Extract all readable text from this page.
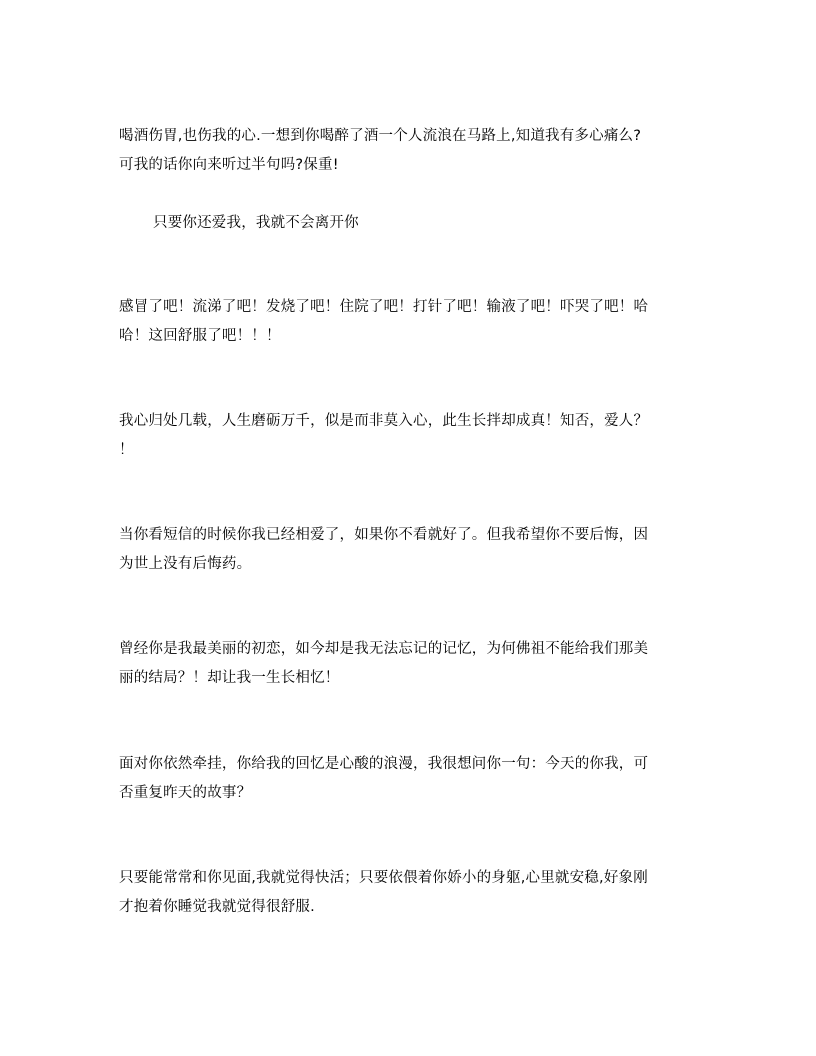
喝酒伤胃,也伤我的心.一想到你喝醉了酒一个人流浪在马路上,知道我有多心痛么?
可我的话你向来听过半句吗?保重!

只要你还爱我，我就不会离开你

感冒了吧！流涕了吧！发烧了吧！住院了吧！打针了吧！输液了吧！吓哭了吧！哈
哈！这回舒服了吧！！！

我心归处几载，人生磨砺万千，似是而非莫入心，此生长拌却成真！知否，爱人？
！

当你看短信的时候你我已经相爱了，如果你不看就好了。但我希望你不要后悔，因
为世上没有后悔药。

曾经你是我最美丽的初恋，如今却是我无法忘记的记忆，为何佛祖不能给我们那美
丽的结局？！却让我一生长相忆！

面对你依然牵挂，你给我的回忆是心酸的浪漫，我很想问你一句：今天的你我，可
否重复昨天的故事？

只要能常常和你见面,我就觉得快活；只要依偎着你娇小的身躯,心里就安稳,好象刚
才抱着你睡觉我就觉得很舒服.
